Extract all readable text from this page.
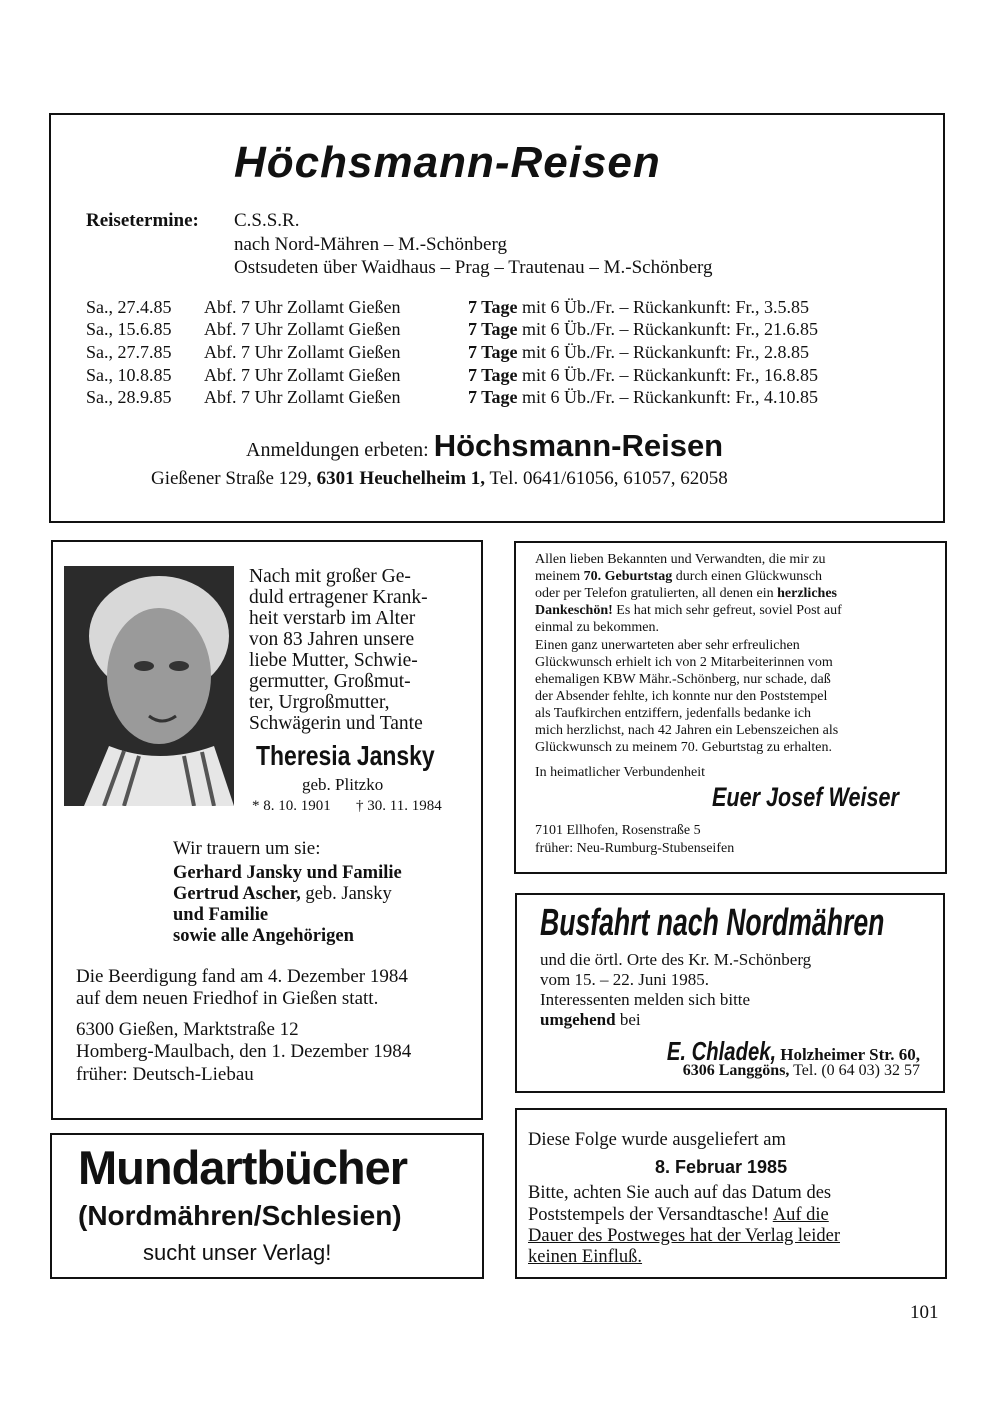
Höchsmann-Reisen
Reisetermine: C.S.S.R.
nach Nord-Mähren – M.-Schönberg
Ostsudeten über Waidhaus – Prag – Trautenau – M.-Schönberg
Sa., 27.4.85	Abf. 7 Uhr Zollamt Gießen	7 Tage mit 6 Üb./Fr. – Rückankunft: Fr., 3.5.85
Sa., 15.6.85	Abf. 7 Uhr Zollamt Gießen	7 Tage mit 6 Üb./Fr. – Rückankunft: Fr., 21.6.85
Sa., 27.7.85	Abf. 7 Uhr Zollamt Gießen	7 Tage mit 6 Üb./Fr. – Rückankunft: Fr., 2.8.85
Sa., 10.8.85	Abf. 7 Uhr Zollamt Gießen	7 Tage mit 6 Üb./Fr. – Rückankunft: Fr., 16.8.85
Sa., 28.9.85	Abf. 7 Uhr Zollamt Gießen	7 Tage mit 6 Üb./Fr. – Rückankunft: Fr., 4.10.85
Anmeldungen erbeten: Höchsmann-Reisen
Gießener Straße 129, 6301 Heuchelheim 1, Tel. 0641/61056, 61057, 62058
Nach mit großer Ge-
duld ertragener Krank-
heit verstarb im Alter
von 83 Jahren unsere
liebe Mutter, Schwie-
germutter, Großmut-
ter, Urgroßmutter,
Schwägerin und Tante
Theresia Jansky
geb. Plitzko
* 8. 10. 1901 † 30. 11. 1984
Wir trauern um sie:
Gerhard Jansky und Familie
Gertrud Ascher, geb. Jansky
und Familie
sowie alle Angehörigen
Die Beerdigung fand am 4. Dezember 1984
auf dem neuen Friedhof in Gießen statt.
6300 Gießen, Marktstraße 12
Homberg-Maulbach, den 1. Dezember 1984
früher: Deutsch-Liebau
Allen lieben Bekannten und Verwandten, die mir zu
meinem 70. Geburtstag durch einen Glückwunsch
oder per Telefon gratulierten, all denen ein herzliches
Dankeschön! Es hat mich sehr gefreut, soviel Post auf
einmal zu bekommen.
Einen ganz unerwarteten aber sehr erfreulichen
Glückwunsch erhielt ich von 2 Mitarbeiterinnen vom
ehemaligen KBW Mähr.-Schönberg, nur schade, daß
der Absender fehlte, ich konnte nur den Poststempel
als Taufkirchen entziffern, jedenfalls bedanke ich
mich herzlichst, nach 42 Jahren ein Lebenszeichen als
Glückwunsch zu meinem 70. Geburtstag zu erhalten.
In heimatlicher Verbundenheit
Euer Josef Weiser
7101 Ellhofen, Rosenstraße 5
früher: Neu-Rumburg-Stubenseifen
Busfahrt nach Nordmähren
und die örtl. Orte des Kr. M.-Schönberg
vom 15. – 22. Juni 1985.
Interessenten melden sich bitte
umgehend bei
E. Chladek, Holzheimer Str. 60,
6306 Langgöns, Tel. (0 64 03) 32 57
Mundartbücher
(Nordmähren/Schlesien)
sucht unser Verlag!
Diese Folge wurde ausgeliefert am
8. Februar 1985
Bitte, achten Sie auch auf das Datum des
Poststempels der Versandtasche! Auf die
Dauer des Postweges hat der Verlag leider
keinen Einfluß.
101
